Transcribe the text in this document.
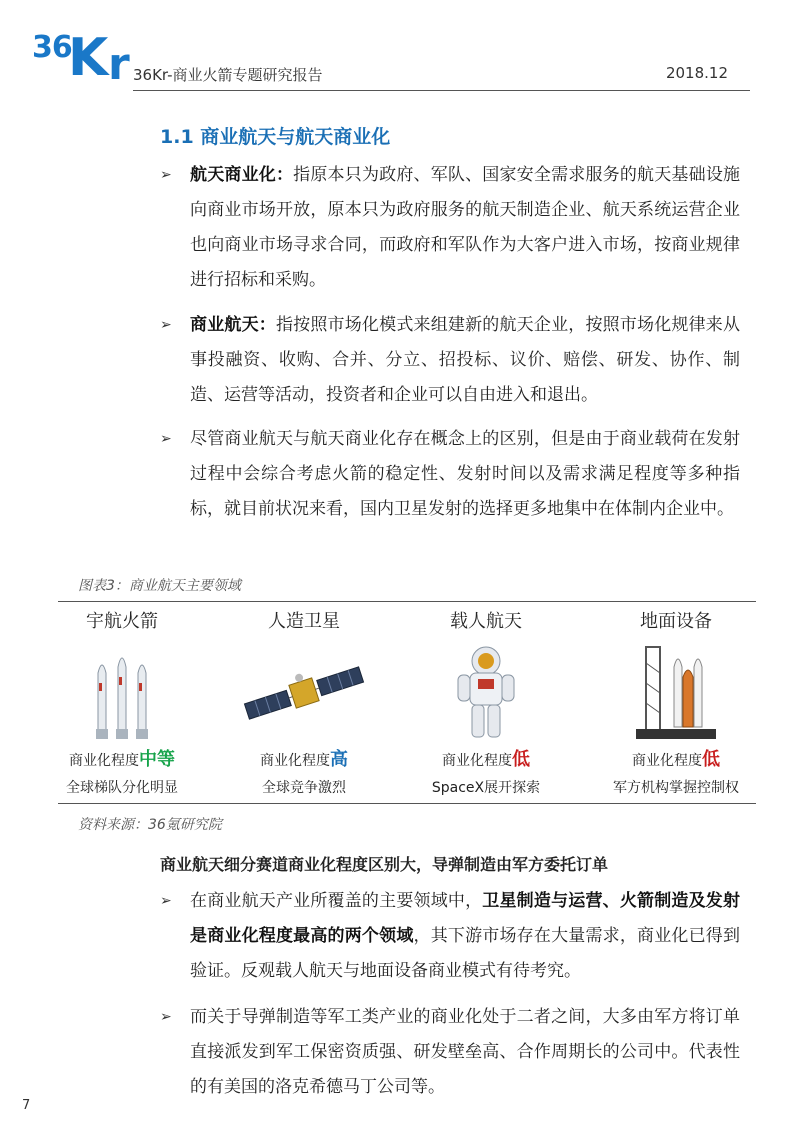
36
K r 36Kr-商业火箭专题研究报告	2018.12
1.1 商业航天与航天商业化
➢	航天商业化：指原本只为政府、军队、国家安全需求服务的航天基础设施向商业市场开放，原本只为政府服务的航天制造企业、航天系统运营企业也向商业市场寻求合同，而政府和军队作为大客户进入市场，按商业规律进行招标和采购。
➢	商业航天：指按照市场化模式来组建新的航天企业，按照市场化规律来从事投融资、收购、合并、分立、招投标、议价、赔偿、研发、协作、制造、运营等活动，投资者和企业可以自由进入和退出。
➢	尽管商业航天与航天商业化存在概念上的区别，但是由于商业载荷在发射过程中会综合考虑火箭的稳定性、发射时间以及需求满足程度等多种指标，就目前状况来看，国内卫星发射的选择更多地集中在体制内企业中。
图表3：商业航天主要领域
宇航火箭
商业化程度中等
全球梯队分化明显
人造卫星
商业化程度高
全球竞争激烈
载人航天
商业化程度低
SpaceX展开探索
地面设备
商业化程度低
军方机构掌握控制权
资料来源：36氪研究院
商业航天细分赛道商业化程度区别大，导弹制造由军方委托订单
➢	在商业航天产业所覆盖的主要领域中，卫星制造与运营、火箭制造及发射是商业化程度最高的两个领域，其下游市场存在大量需求，商业化已得到验证。反观载人航天与地面设备商业模式有待考究。
➢	而关于导弹制造等军工类产业的商业化处于二者之间，大多由军方将订单直接派发到军工保密资质强、研发壁垒高、合作周期长的公司中。代表性的有美国的洛克希德马丁公司等。
7
